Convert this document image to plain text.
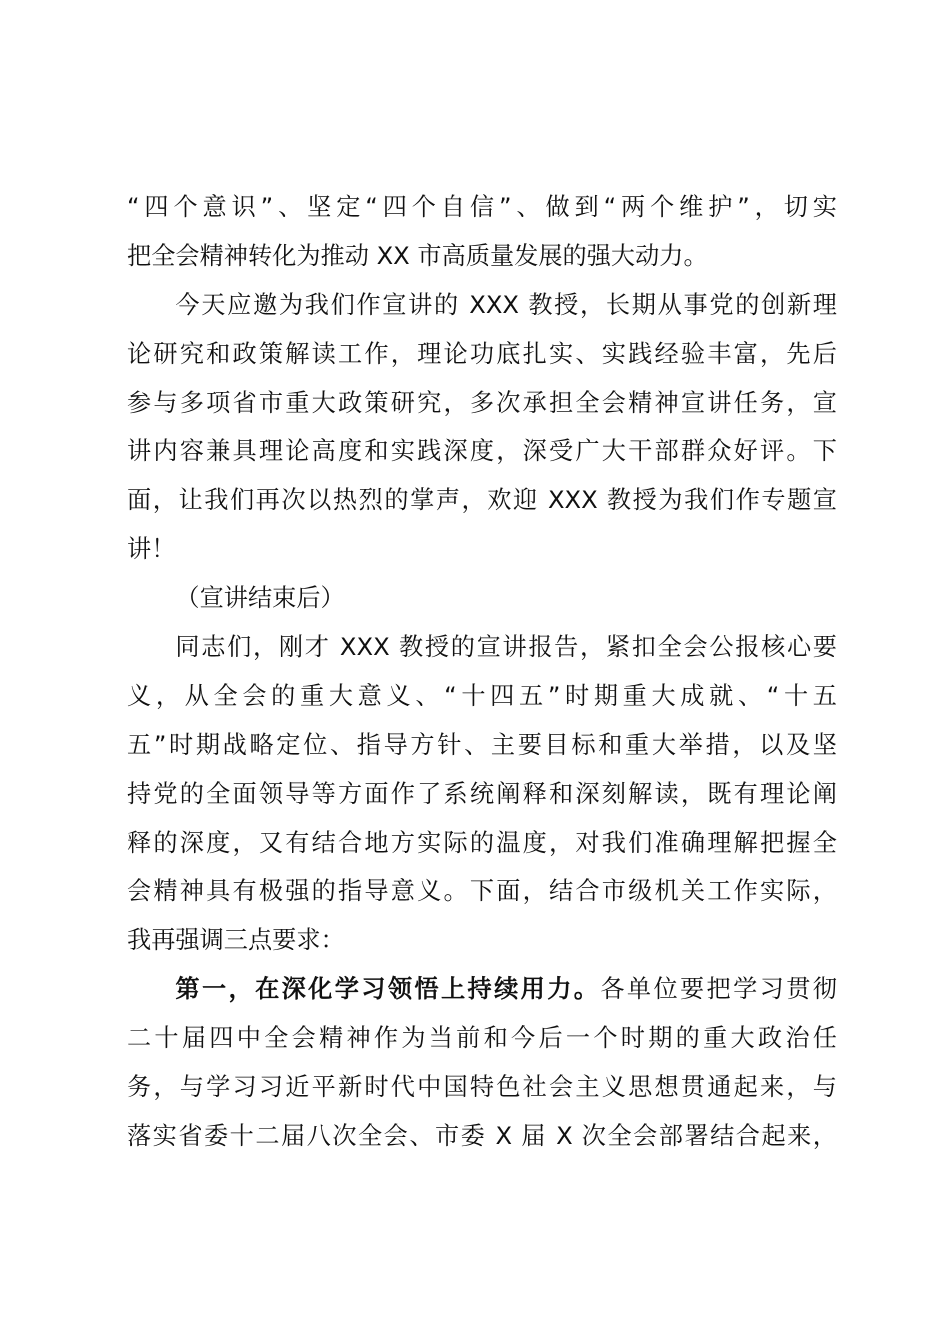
“四个意识”、坚定“四个自信”、做到“两个维护”，切实
把全会精神转化为推动 XX 市高质量发展的强大动力。
今天应邀为我们作宣讲的 XXX 教授，长期从事党的创新理
论研究和政策解读工作，理论功底扎实、实践经验丰富，先后
参与多项省市重大政策研究，多次承担全会精神宣讲任务，宣
讲内容兼具理论高度和实践深度，深受广大干部群众好评。下
面，让我们再次以热烈的掌声，欢迎 XXX 教授为我们作专题宣
讲！
（宣讲结束后）
同志们，刚才 XXX 教授的宣讲报告，紧扣全会公报核心要
义，从全会的重大意义、“十四五”时期重大成就、“十五
五”时期战略定位、指导方针、主要目标和重大举措，以及坚
持党的全面领导等方面作了系统阐释和深刻解读，既有理论阐
释的深度，又有结合地方实际的温度，对我们准确理解把握全
会精神具有极强的指导意义。下面，结合市级机关工作实际，
我再强调三点要求：
第一，在深化学习领悟上持续用力。各单位要把学习贯彻
二十届四中全会精神作为当前和今后一个时期的重大政治任
务，与学习习近平新时代中国特色社会主义思想贯通起来，与
落实省委十二届八次全会、市委 X 届 X 次全会部署结合起来，
